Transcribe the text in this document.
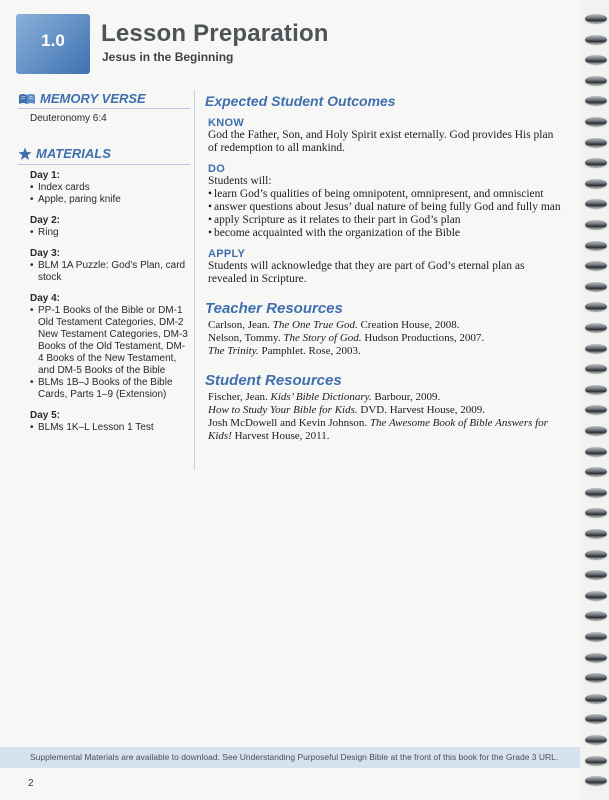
1.0 Lesson Preparation
Jesus in the Beginning
MEMORY VERSE
Deuteronomy 6:4
MATERIALS
Day 1:
• Index cards
• Apple, paring knife
Day 2:
• Ring
Day 3:
• BLM 1A Puzzle: God’s Plan, card stock
Day 4:
• PP-1 Books of the Bible or DM-1 Old Testament Categories, DM-2 New Testament Categories, DM-3 Books of the Old Testament, DM-4 Books of the New Testament, and DM-5 Books of the Bible
• BLMs 1B–J Books of the Bible Cards, Parts 1–9 (Extension)
Day 5:
• BLMs 1K–L Lesson 1 Test
Expected Student Outcomes
KNOW

God the Father, Son, and Holy Spirit exist eternally. God provides His plan of redemption to all mankind.

DO

Students will:

• learn God’s qualities of being omnipotent, omnipresent, and omniscient
• answer questions about Jesus’ dual nature of being fully God and fully man
• apply Scripture as it relates to their part in God’s plan
• become acquainted with the organization of the Bible
APPLY

Students will acknowledge that they are part of God’s eternal plan as revealed in Scripture.

Teacher Resources
Carlson, Jean. The One True God. Creation House, 2008.
Nelson, Tommy. The Story of God. Hudson Productions, 2007.
The Trinity. Pamphlet. Rose, 2003.
Student Resources
Fischer, Jean. Kids’ Bible Dictionary. Barbour, 2009.
How to Study Your Bible for Kids. DVD. Harvest House, 2009.
Josh McDowell and Kevin Johnson. The Awesome Book of Bible Answers for Kids! Harvest House, 2011.
Supplemental Materials are available to download. See Understanding Purposeful Design Bible at the front of this book for the Grade 3 URL.
2
